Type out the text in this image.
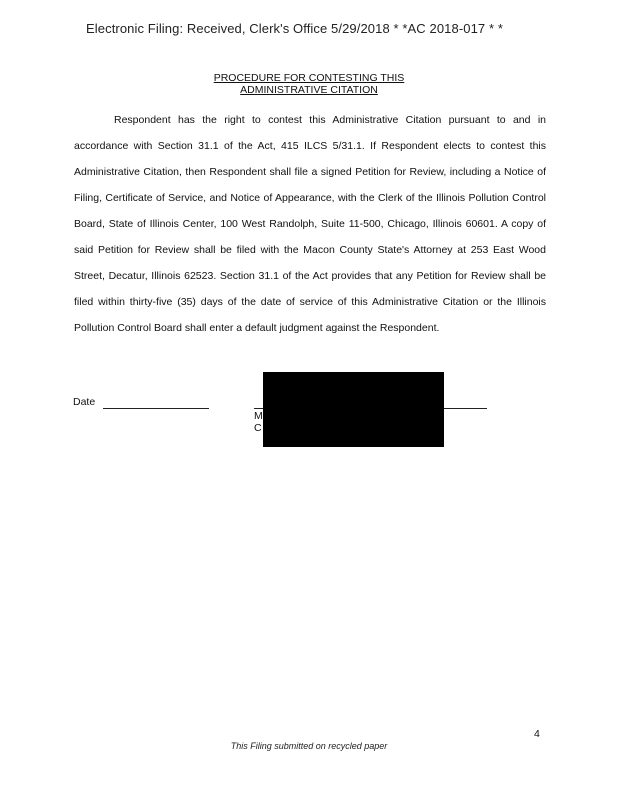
Electronic Filing: Received, Clerk's Office 5/29/2018 * *AC 2018-017 * *
PROCEDURE FOR CONTESTING THIS
ADMINISTRATIVE CITATION

Respondent has the right to contest this Administrative Citation pursuant to and in accordance with Section 31.1 of the Act, 415 ILCS 5/31.1. If Respondent elects to contest this Administrative Citation, then Respondent shall file a signed Petition for Review, including a Notice of Filing, Certificate of Service, and Notice of Appearance, with the Clerk of the Illinois Pollution Control Board, State of Illinois Center, 100 West Randolph, Suite 11-500, Chicago, Illinois 60601. A copy of said Petition for Review shall be filed with the Macon County State's Attorney at 253 East Wood Street, Decatur, Illinois 62523. Section 31.1 of the Act provides that any Petition for Review shall be filed within thirty-five (35) days of the date of service of this Administrative Citation or the Illinois Pollution Control Board shall enter a default judgment against the Respondent.

Date
M
C
4
This Filing submitted on recycled paper
